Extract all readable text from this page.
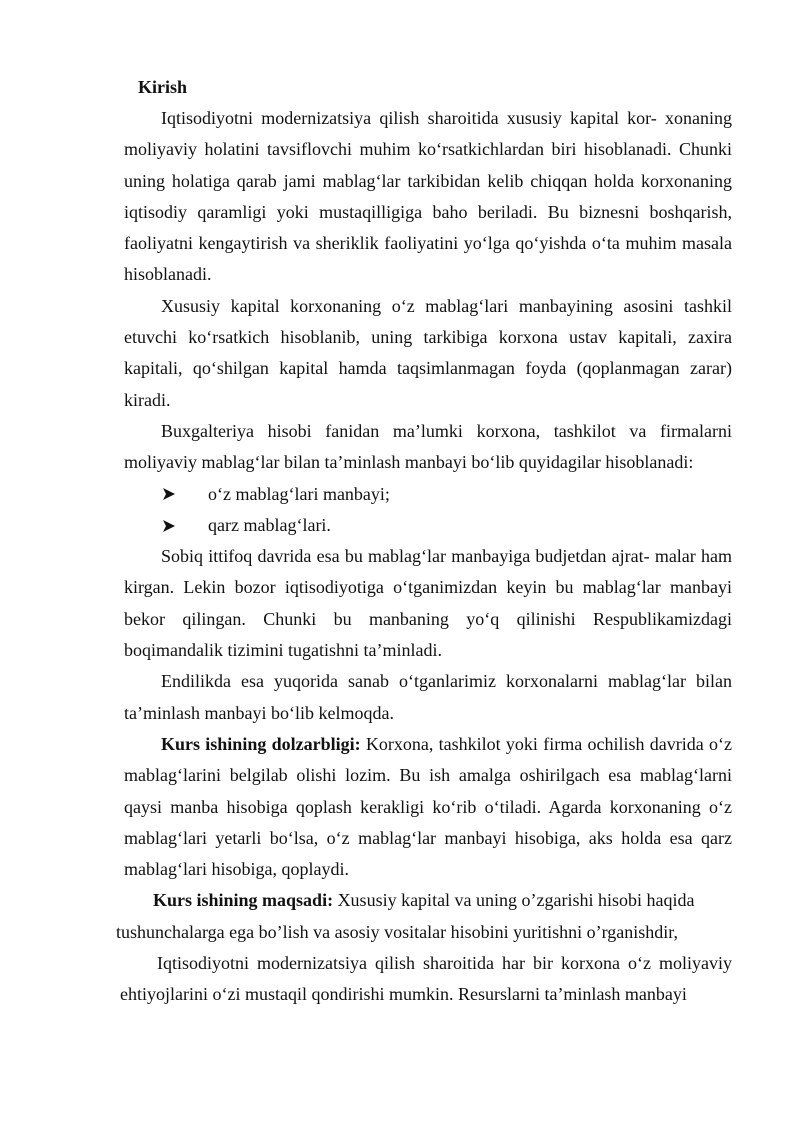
Kirish

Iqtisodiyotni modernizatsiya qilish sharoitida xususiy kapital kor- xonaning moliyaviy holatini tavsiflovchi muhim ko‘rsatkichlardan biri hisoblanadi. Chunki uning holatiga qarab jami mablag‘lar tarkibidan kelib chiqqan holda korxonaning iqtisodiy qaramligi yoki mustaqilligiga baho beriladi. Bu biznesni boshqarish, faoliyatni kengaytirish va sheriklik faoliyatini yo‘lga qo‘yishda o‘ta muhim masala hisoblanadi.

Xususiy kapital korxonaning o‘z mablag‘lari manbayining asosini tashkil etuvchi ko‘rsatkich hisoblanib, uning tarkibiga korxona ustav kapitali, zaxira kapitali, qo‘shilgan kapital hamda taqsimlanmagan foyda (qoplanmagan zarar) kiradi.

Buxgalteriya hisobi fanidan ma’lumki korxona, tashkilot va firmalarni moliyaviy mablag‘lar bilan ta’minlash manbayi bo‘lib quyidagilar hisoblanadi:

o‘z mablag‘lari manbayi;
qarz mablag‘lari.

Sobiq ittifoq davrida esa bu mablag‘lar manbayiga budjetdan ajrat- malar ham kirgan. Lekin bozor iqtisodiyotiga o‘tganimizdan keyin bu mablag‘lar manbayi bekor qilingan. Chunki bu manbaning yo‘q qilinishi Respublikamizdagi boqimandalik tizimini tugatishni ta’minladi.

Endilikda esa yuqorida sanab o‘tganlarimiz korxonalarni mablag‘lar bilan ta’minlash manbayi bo‘lib kelmoqda.

Kurs ishining dolzarbligi: Korxona, tashkilot yoki firma ochilish davrida o‘z mablag‘larini belgilab olishi lozim. Bu ish amalga oshirilgach esa mablag‘larni qaysi manba hisobiga qoplash kerakligi ko‘rib o‘tiladi. Agarda korxonaning o‘z mablag‘lari yetarli bo‘lsa, o‘z mablag‘lar manbayi hisobiga, aks holda esa qarz mablag‘lari hisobiga, qoplaydi.

Kurs ishining maqsadi: Xususiy kapital va uning o’zgarishi hisobi haqida tushunchalarga ega bo’lish va asosiy vositalar hisobini yuritishni o’rganishdir,

Iqtisodiyotni modernizatsiya qilish sharoitida har bir korxona o‘z moliyaviy ehtiyojlarini o‘zi mustaqil qondirishi mumkin. Resurslarni ta’minlash manbayi
